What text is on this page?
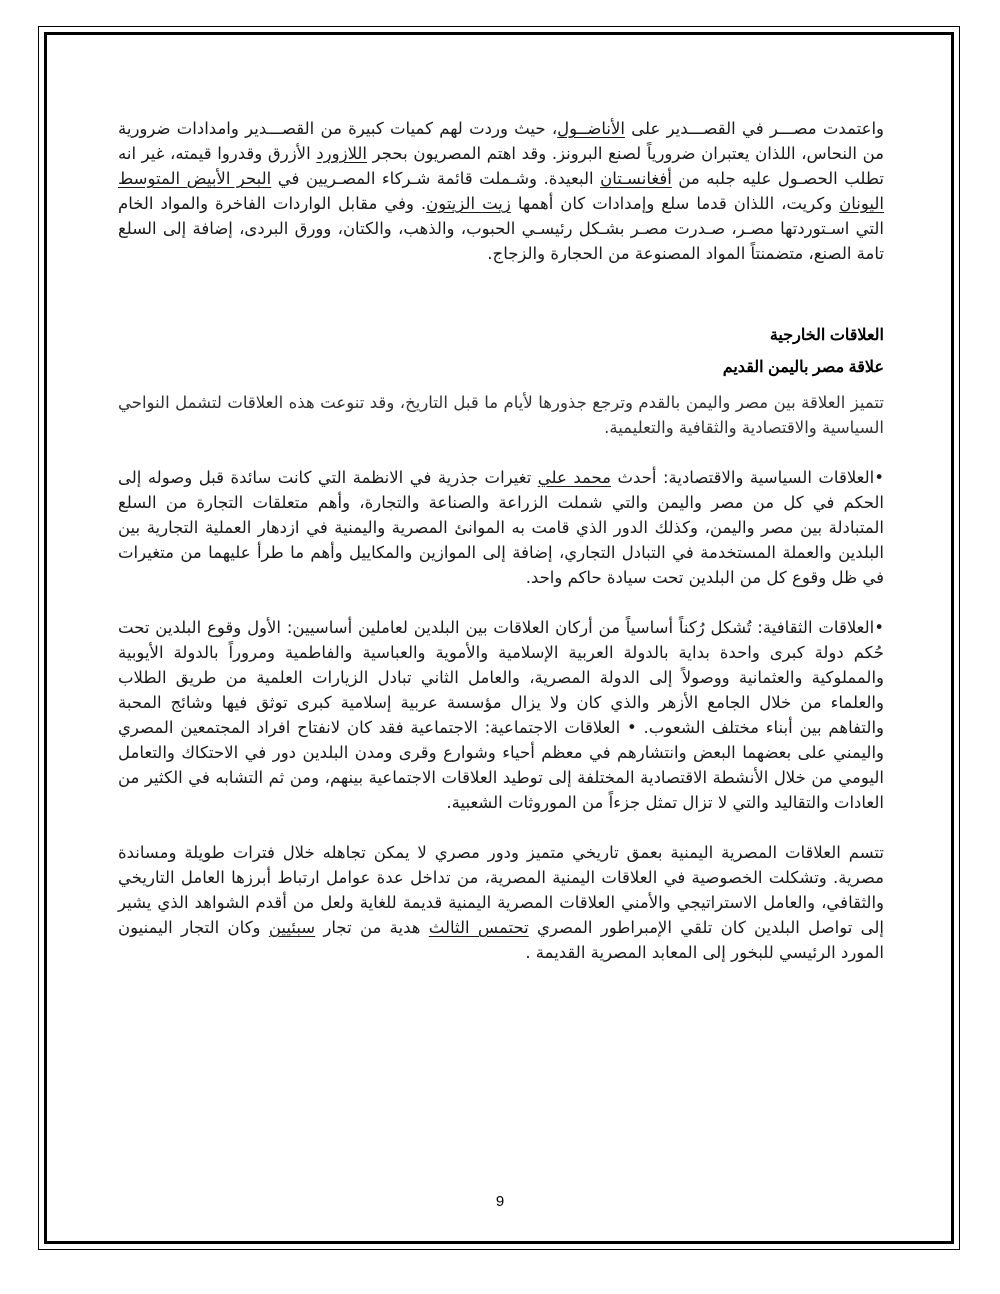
واعتمدت مصـــر في القصـــدير على الأناضــول، حيث وردت لهم كميات كبيرة من القصـــدير وامدادات ضرورية من النحاس، اللذان يعتبران ضرورياً لصنع البرونز. وقد اهتم المصريون بحجر اللازورد الأزرق وقدروا قيمته، غير انه تطلب الحصـول عليه جلبه من أفغانسـتان البعيدة. وشـملت قائمة شـركاء المصـريين في البحر الأبيض المتوسط اليونان وكريت، اللذان قدما سلع وإمدادات كان أهمها زيت الزيتون. وفي مقابل الواردات الفاخرة والمواد الخام التي اسـتوردتها مصـر، صـدرت مصـر بشـكل رئيسـي الحبوب، والذهب، والكتان، وورق البردى، إضافة إلى السلع تامة الصنع، متضمنتاً المواد المصنوعة من الحجارة والزجاج.

العلاقات الخارجية

علاقة مصر باليمن القديم

تتميز العلاقة بين مصر واليمن بالقدم وترجع جذورها لأيام ما قبل التاريخ، وقد تنوعت هذه العلاقات لتشمل النواحي السياسية والاقتصادية والثقافية والتعليمية.

•العلاقات السياسية والاقتصادية: أحدث محمد علي تغيرات جذرية في الانظمة التي كانت سائدة قبل وصوله إلى الحكم في كل من مصر واليمن والتي شملت الزراعة والصناعة والتجارة، وأهم متعلقات التجارة من السلع المتبادلة بين مصر واليمن، وكذلك الدور الذي قامت به الموانئ المصرية واليمنية في ازدهار العملية التجارية بين البلدين والعملة المستخدمة في التبادل التجاري، إضافة إلى الموازين والمكاييل وأهم ما طرأ عليهما من متغيرات في ظل وقوع كل من البلدين تحت سيادة حاكم واحد.

•العلاقات الثقافية: تُشكل رُكناً أساسياً من أركان العلاقات بين البلدين لعاملين أساسيين: الأول وقوع البلدين تحت حُكم دولة كبرى واحدة بداية بالدولة العربية الإسلامية والأموية والعباسية والفاطمية ومروراً بالدولة الأيوبية والمملوكية والعثمانية ووصولاً إلى الدولة المصرية، والعامل الثاني تبادل الزيارات العلمية من طريق الطلاب والعلماء من خلال الجامع الأزهر والذي كان ولا يزال مؤسسة عربية إسلامية كبرى توثق فيها وشائج المحبة والتفاهم بين أبناء مختلف الشعوب. • العلاقات الاجتماعية: الاجتماعية فقد كان لانفتاح افراد المجتمعين المصري واليمني على بعضهما البعض وانتشارهم في معظم أحياء وشوارع وقرى ومدن البلدين دور في الاحتكاك والتعامل اليومي من خلال الأنشطة الاقتصادية المختلفة إلى توطيد العلاقات الاجتماعية بينهم، ومن ثم التشابه في الكثير من العادات والتقاليد والتي لا تزال تمثل جزءاً من الموروثات الشعبية.

تتسم العلاقات المصرية اليمنية بعمق تاريخي متميز ودور مصري لا يمكن تجاهله خلال فترات طويلة ومساندة مصرية. وتشكلت الخصوصية في العلاقات اليمنية المصرية، من تداخل عدة عوامل ارتباط أبرزها العامل التاريخي والثقافي، والعامل الاستراتيجي والأمني العلاقات المصرية اليمنية قديمة للغاية ولعل من أقدم الشواهد الذي يشير إلى تواصل البلدين كان تلقي الإمبراطور المصري تحتمس الثالث هدية من تجار سبئيين وكان التجار اليمنيون المورد الرئيسي للبخور إلى المعابد المصرية القديمة .

9
